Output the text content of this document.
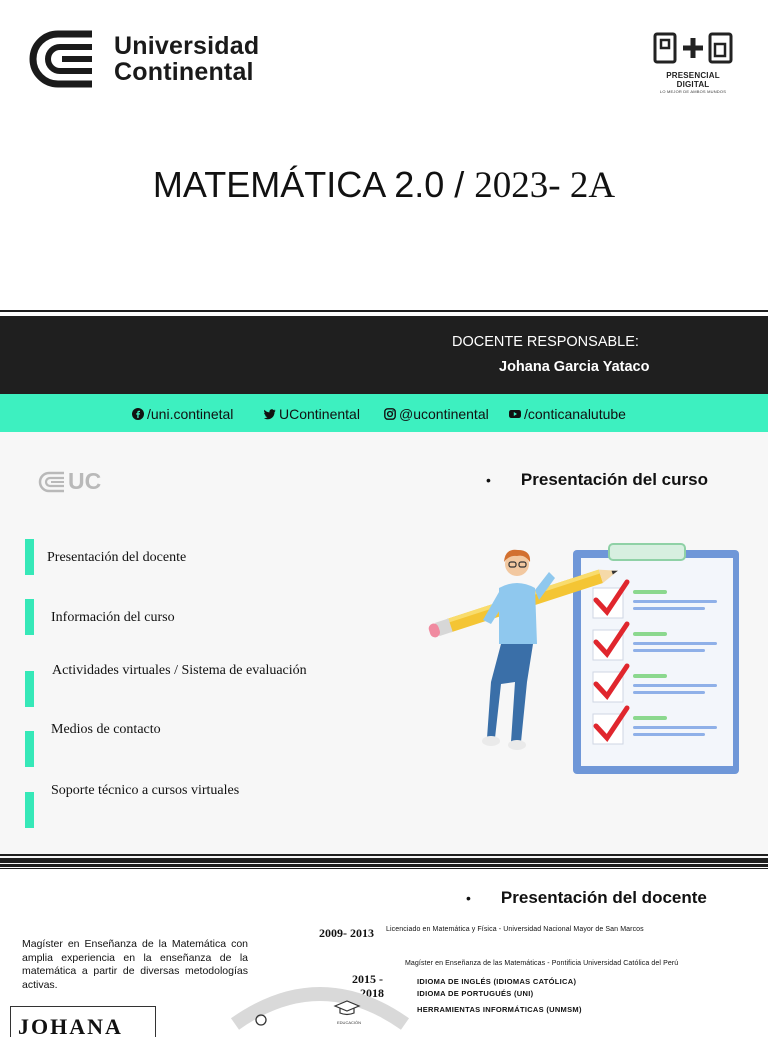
Universidad
Continental	PRESENCIAL DIGITAL
LO MEJOR DE AMBOS MUNDOS
MATEMÁTICA 2.0 / 2023- 2A
DOCENTE RESPONSABLE:
Johana Garcia Yataco
/uni.continetal	UContinental	@ucontinental	/conticanalutube
UC	• Presentación del curso
Presentación del docente
Información del curso
Actividades virtuales / Sistema de evaluación
Medios de contacto
Soporte técnico a cursos virtuales
• Presentación del docente
Magíster en Enseñanza de la Matemática con amplia experiencia en la enseñanza de la matemática a partir de diversas metodologías activas.
JOHANA
2009- 2013 Licenciado en Matemática y Física - Universidad Nacional Mayor de San Marcos
Magíster en Enseñanza de las Matemáticas - Pontificia Universidad Católica del Perú
2015 -
2018
IDIOMA DE INGLÉS (IDIOMAS CATÓLICA)
IDIOMA DE PORTUGUÉS (UNI)
HERRAMIENTAS INFORMÁTICAS (UNMSM)
EDUCACIÓN
